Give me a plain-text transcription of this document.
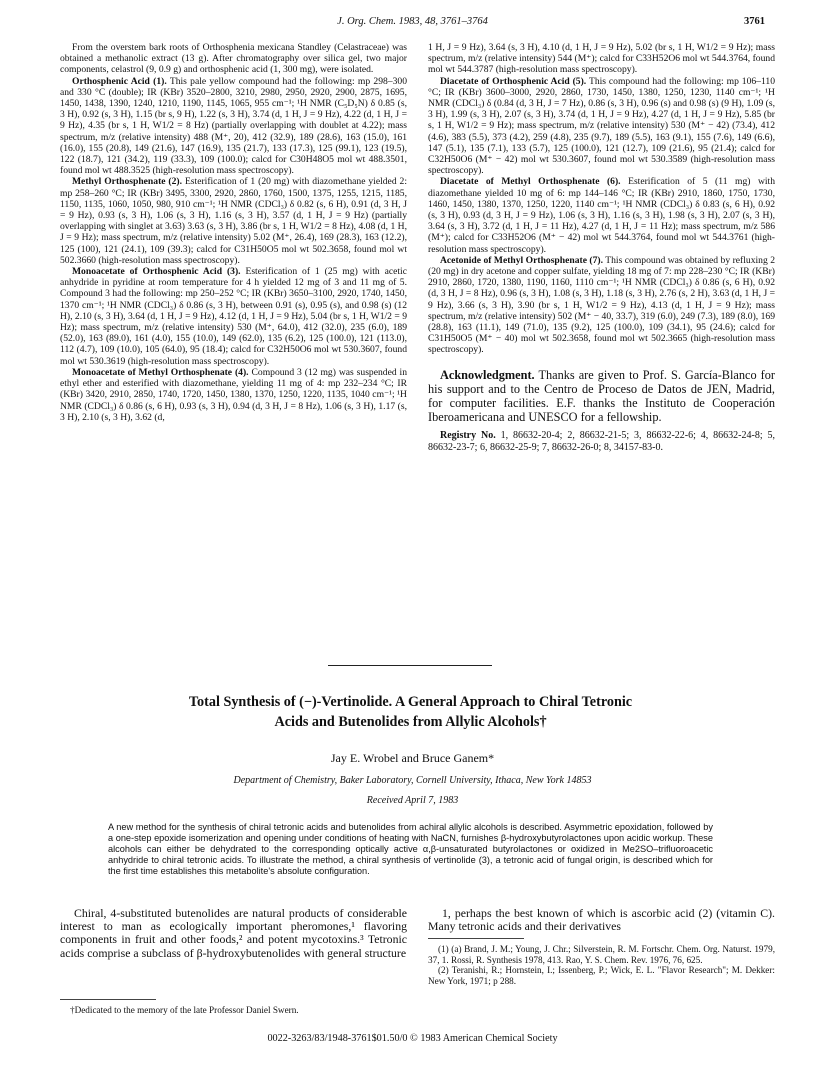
J. Org. Chem. 1983, 48, 3761–3764	3761

From the overstem bark roots of Orthosphenia mexicana Standley (Celastraceae) was obtained a methanolic extract (13 g). After chromatography over silica gel, two major components, celastrol (9, 0.9 g) and orthosphenic acid (1, 300 mg), were isolated.

Orthosphenic Acid (1). This pale yellow compound had the following: mp 298–300 and 330 °C (double); IR (KBr) 3520–2800, 3210, 2980, 2950, 2920, 2900, 2875, 1695, 1450, 1438, 1390, 1240, 1210, 1190, 1145, 1065, 955 cm⁻¹; ¹H NMR (C₅D₅N) δ 0.85 (s, 3 H), 0.92 (s, 3 H), 1.15 (br s, 9 H), 1.22 (s, 3 H), 3.74 (d, 1 H, J = 9 Hz), 4.22 (d, 1 H, J = 9 Hz), 4.35 (br s, 1 H, W1/2 = 8 Hz) (partially overlapping with doublet at 4.22); mass spectrum, m/z (relative intensity) 488 (M⁺, 20), 412 (32.9), 189 (28.6), 163 (15.0), 161 (16.0), 155 (20.8), 149 (21.6), 147 (16.9), 135 (21.7), 133 (17.3), 125 (99.1), 123 (19.5), 122 (18.7), 121 (34.2), 119 (33.3), 109 (100.0); calcd for C30H48O5 mol wt 488.3501, found mol wt 488.3525 (high-resolution mass spectroscopy).

Methyl Orthosphenate (2). Esterification of 1 (20 mg) with diazomethane yielded 2: mp 258–260 °C; IR (KBr) 3495, 3300, 2920, 2860, 1760, 1500, 1375, 1255, 1215, 1185, 1150, 1135, 1060, 1050, 980, 910 cm⁻¹; ¹H NMR (CDCl₃) δ 0.82 (s, 6 H), 0.91 (d, 3 H, J = 9 Hz), 0.93 (s, 3 H), 1.06 (s, 3 H), 1.16 (s, 3 H), 3.57 (d, 1 H, J = 9 Hz) (partially overlapping with singlet at 3.63) 3.63 (s, 3 H), 3.86 (br s, 1 H, W1/2 = 8 Hz), 4.08 (d, 1 H, J = 9 Hz); mass spectrum, m/z (relative intensity) 5.02 (M⁺, 26.4), 169 (28.3), 163 (12.2), 125 (100), 121 (24.1), 109 (39.3); calcd for C31H50O5 mol wt 502.3658, found mol wt 502.3660 (high-resolution mass spectroscopy).

Monoacetate of Orthosphenic Acid (3). Esterification of 1 (25 mg) with acetic anhydride in pyridine at room temperature for 4 h yielded 12 mg of 3 and 11 mg of 5. Compound 3 had the following: mp 250–252 °C; IR (KBr) 3650–3100, 2920, 1740, 1450, 1370 cm⁻¹; ¹H NMR (CDCl₃) δ 0.86 (s, 3 H), between 0.91 (s), 0.95 (s), and 0.98 (s) (12 H), 2.10 (s, 3 H), 3.64 (d, 1 H, J = 9 Hz), 4.12 (d, 1 H, J = 9 Hz), 5.04 (br s, 1 H, W1/2 = 9 Hz); mass spectrum, m/z (relative intensity) 530 (M⁺, 64.0), 412 (32.0), 235 (6.0), 189 (52.0), 163 (89.0), 161 (4.0), 155 (10.0), 149 (62.0), 135 (6.2), 125 (100.0), 121 (113.0), 112 (4.7), 109 (10.0), 105 (64.0), 95 (18.4); calcd for C32H50O6 mol wt 530.3607, found mol wt 530.3619 (high-resolution mass spectroscopy).

Monoacetate of Methyl Orthosphenate (4). Compound 3 (12 mg) was suspended in ethyl ether and esterified with diazomethane, yielding 11 mg of 4: mp 232–234 °C; IR (KBr) 3420, 2910, 2850, 1740, 1720, 1450, 1380, 1370, 1250, 1220, 1135, 1040 cm⁻¹; ¹H NMR (CDCl₃) δ 0.86 (s, 6 H), 0.93 (s, 3 H), 0.94 (d, 3 H, J = 8 Hz), 1.06 (s, 3 H), 1.17 (s, 3 H), 2.10 (s, 3 H), 3.62 (d,

1 H, J = 9 Hz), 3.64 (s, 3 H), 4.10 (d, 1 H, J = 9 Hz), 5.02 (br s, 1 H, W1/2 = 9 Hz); mass spectrum, m/z (relative intensity) 544 (M⁺); calcd for C33H52O6 mol wt 544.3764, found mol wt 544.3787 (high-resolution mass spectroscopy).

Diacetate of Orthosphenic Acid (5). This compound had the following: mp 106–110 °C; IR (KBr) 3600–3000, 2920, 2860, 1730, 1450, 1380, 1250, 1230, 1140 cm⁻¹; ¹H NMR (CDCl₃) δ (0.84 (d, 3 H, J = 7 Hz), 0.86 (s, 3 H), 0.96 (s) and 0.98 (s) (9 H), 1.09 (s, 3 H), 1.99 (s, 3 H), 2.07 (s, 3 H), 3.74 (d, 1 H, J = 9 Hz), 4.27 (d, 1 H, J = 9 Hz), 5.85 (br s, 1 H, W1/2 = 9 Hz); mass spectrum, m/z (relative intensity) 530 (M⁺ − 42) (73.4), 412 (4.6), 383 (5.5), 373 (4.2), 259 (4.8), 235 (9.7), 189 (5.5), 163 (9.1), 155 (7.6), 149 (6.6), 147 (5.1), 135 (7.1), 133 (5.7), 125 (100.0), 121 (12.7), 109 (21.6), 95 (21.4); calcd for C32H50O6 (M⁺ − 42) mol wt 530.3607, found mol wt 530.3589 (high-resolution mass spectroscopy).

Diacetate of Methyl Orthosphenate (6). Esterification of 5 (11 mg) with diazomethane yielded 10 mg of 6: mp 144–146 °C; IR (KBr) 2910, 1860, 1750, 1730, 1460, 1450, 1380, 1370, 1250, 1220, 1140 cm⁻¹; ¹H NMR (CDCl₃) δ 0.83 (s, 6 H), 0.92 (s, 3 H), 0.93 (d, 3 H, J = 9 Hz), 1.06 (s, 3 H), 1.16 (s, 3 H), 1.98 (s, 3 H), 2.07 (s, 3 H), 3.64 (s, 3 H), 3.72 (d, 1 H, J = 11 Hz), 4.27 (d, 1 H, J = 11 Hz); mass spectrum, m/z 586 (M⁺); calcd for C33H52O6 (M⁺ − 42) mol wt 544.3764, found mol wt 544.3761 (high-resolution mass spectroscopy).

Acetonide of Methyl Orthosphenate (7). This compound was obtained by refluxing 2 (20 mg) in dry acetone and copper sulfate, yielding 18 mg of 7: mp 228–230 °C; IR (KBr) 2910, 2860, 1720, 1380, 1190, 1160, 1110 cm⁻¹; ¹H NMR (CDCl₃) δ 0.86 (s, 6 H), 0.92 (d, 3 H, J = 8 Hz), 0.96 (s, 3 H), 1.08 (s, 3 H), 1.18 (s, 3 H), 2.76 (s, 2 H), 3.63 (d, 1 H, J = 9 Hz), 3.66 (s, 3 H), 3.90 (br s, 1 H, W1/2 = 9 Hz), 4.13 (d, 1 H, J = 9 Hz); mass spectrum, m/z (relative intensity) 502 (M⁺ − 40, 33.7), 319 (6.0), 249 (7.3), 189 (8.0), 169 (28.8), 163 (11.1), 149 (71.0), 135 (9.2), 125 (100.0), 109 (34.1), 95 (24.6); calcd for C31H50O5 (M⁺ − 40) mol wt 502.3658, found mol wt 502.3665 (high-resolution mass spectroscopy).

Acknowledgment. Thanks are given to Prof. S. García-Blanco for his support and to the Centro de Proceso de Datos de JEN, Madrid, for computer facilities. E.F. thanks the Instituto de Cooperación Iberoamericana and UNESCO for a fellowship.

Registry No. 1, 86632-20-4; 2, 86632-21-5; 3, 86632-22-6; 4, 86632-24-8; 5, 86632-23-7; 6, 86632-25-9; 7, 86632-26-0; 8, 34157-83-0.

Total Synthesis of (−)-Vertinolide. A General Approach to Chiral Tetronic
Acids and Butenolides from Allylic Alcohols†
Jay E. Wrobel and Bruce Ganem*
Department of Chemistry, Baker Laboratory, Cornell University, Ithaca, New York 14853
Received April 7, 1983
A new method for the synthesis of chiral tetronic acids and butenolides from achiral allylic alcohols is described. Asymmetric epoxidation, followed by a one-step epoxide isomerization and opening under conditions of heating with NaCN, furnishes β-hydroxybutyrolactones upon acidic workup. These alcohols can either be dehydrated to the corresponding optically active α,β-unsaturated butyrolactones or oxidized in Me2SO–trifluoroacetic anhydride to chiral tetronic acids. To illustrate the method, a chiral synthesis of vertinolide (3), a tetronic acid of fungal origin, is described which for the first time establishes this metabolite's absolute configuration.

Chiral, 4-substituted butenolides are natural products of considerable interest to man as ecologically important pheromones,¹ flavoring components in fruit and other foods,² and potent mycotoxins.³ Tetronic acids comprise a subclass of β-hydroxybutenolides with general structure

1, perhaps the best known of which is ascorbic acid (2) (vitamin C). Many tetronic acids and their derivatives

†Dedicated to the memory of the late Professor Daniel Swern.

(1) (a) Brand, J. M.; Young, J. Chr.; Silverstein, R. M. Fortschr. Chem. Org. Naturst. 1979, 37, 1. Rossi, R. Synthesis 1978, 413. Rao, Y. S. Chem. Rev. 1976, 76, 625.

(2) Teranishi, R.; Hornstein, I.; Issenberg, P.; Wick, E. L. "Flavor Research"; M. Dekker: New York, 1971; p 288.

0022-3263/83/1948-3761$01.50/0 © 1983 American Chemical Society
